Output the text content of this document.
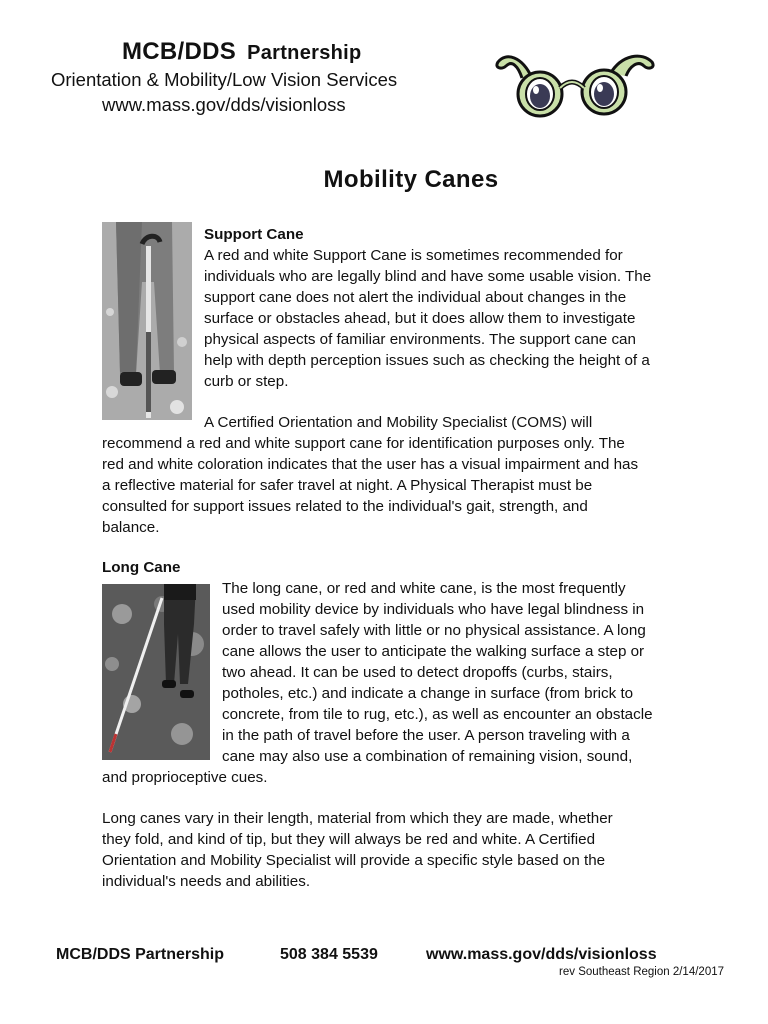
MCB/DDS Partnership
Orientation & Mobility/Low Vision Services
www.mass.gov/dds/visionloss
Mobility Canes
Support Cane
A red and white Support Cane is sometimes recommended for
individuals who are legally blind and have some usable vision. The
support cane does not alert the individual about changes in the
surface or obstacles ahead, but it does allow them to investigate
physical aspects of familiar environments. The support cane can
help with depth perception issues such as checking the height of a
curb or step.
A Certified Orientation and Mobility Specialist (COMS) will
recommend a red and white support cane for identification purposes only. The
red and white coloration indicates that the user has a visual impairment and has
a reflective material for safer travel at night. A Physical Therapist must be
consulted for support issues related to the individual's gait, strength, and
balance.
Long Cane
The long cane, or red and white cane, is the most frequently
used mobility device by individuals who have legal blindness in
order to travel safely with little or no physical assistance. A long
cane allows the user to anticipate the walking surface a step or
two ahead. It can be used to detect dropoffs (curbs, stairs,
potholes, etc.) and indicate a change in surface (from brick to
concrete, from tile to rug, etc.), as well as encounter an obstacle
in the path of travel before the user. A person traveling with a
cane may also use a combination of remaining vision, sound,
and proprioceptive cues.
Long canes vary in their length, material from which they are made, whether
they fold, and kind of tip, but they will always be red and white. A Certified
Orientation and Mobility Specialist will provide a specific style based on the
individual's needs and abilities.
MCB/DDS Partnership	508 384 5539	www.mass.gov/dds/visionloss
rev Southeast Region 2/14/2017
